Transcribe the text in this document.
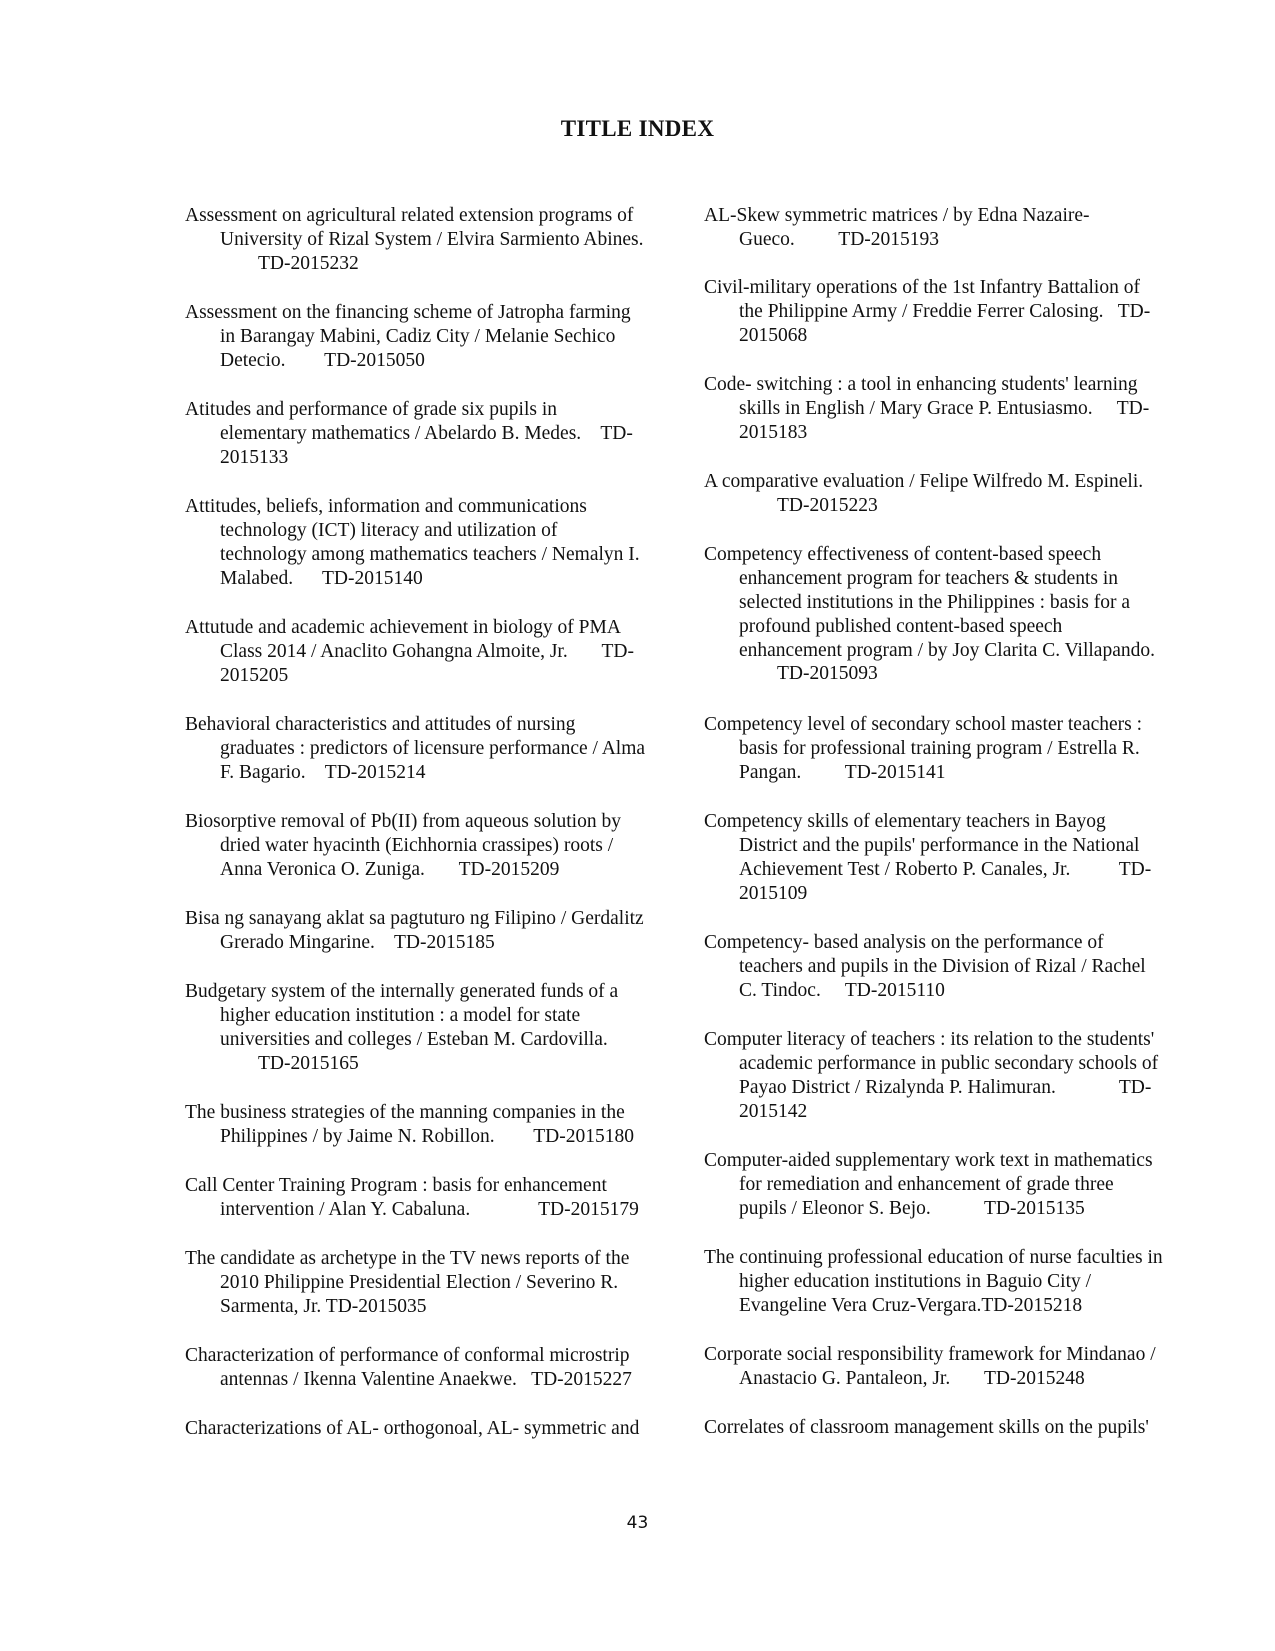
TITLE INDEX
Assessment on agricultural related extension programs of
University of Rizal System / Elvira Sarmiento Abines.
TD-2015232
Assessment on the financing scheme of Jatropha farming
in Barangay Mabini, Cadiz City / Melanie Sechico
Detecio.        TD-2015050
Atitudes and performance of grade six pupils in
elementary mathematics / Abelardo B. Medes.    TD-
2015133
Attitudes, beliefs, information and communications
technology (ICT) literacy and utilization of
technology among mathematics teachers / Nemalyn I.
Malabed.      TD-2015140
Attutude and academic achievement in biology of PMA
Class 2014 / Anaclito Gohangna Almoite, Jr.       TD-
2015205
Behavioral characteristics and attitudes of nursing
graduates : predictors of licensure performance / Alma
F. Bagario.    TD-2015214
Biosorptive removal of Pb(II) from aqueous solution by
dried water hyacinth (Eichhornia crassipes) roots /
Anna Veronica O. Zuniga.       TD-2015209
Bisa ng sanayang aklat sa pagtuturo ng Filipino / Gerdalitz
Grerado Mingarine.    TD-2015185
Budgetary system of the internally generated funds of a
higher education institution : a model for state
universities and colleges / Esteban M. Cardovilla.
TD-2015165
The business strategies of the manning companies in the
Philippines / by Jaime N. Robillon.        TD-2015180
Call Center Training Program : basis for enhancement
intervention / Alan Y. Cabaluna.              TD-2015179
The candidate as archetype in the TV news reports of the
2010 Philippine Presidential Election / Severino R.
Sarmenta, Jr. TD-2015035
Characterization of performance of conformal microstrip
antennas / Ikenna Valentine Anaekwe.   TD-2015227
Characterizations of AL- orthogonoal, AL- symmetric and
AL-Skew symmetric matrices / by Edna Nazaire-
Gueco.         TD-2015193
Civil-military operations of the 1st Infantry Battalion of
the Philippine Army / Freddie Ferrer Calosing.   TD-
2015068
Code- switching : a tool in enhancing students' learning
skills in English / Mary Grace P. Entusiasmo.     TD-
2015183
A comparative evaluation / Felipe Wilfredo M. Espineli.
TD-2015223
Competency effectiveness of content-based speech
enhancement program for teachers & students in
selected institutions in the Philippines : basis for a
profound published content-based speech
enhancement program / by Joy Clarita C. Villapando.
TD-2015093
Competency level of secondary school master teachers :
basis for professional training program / Estrella R.
Pangan.         TD-2015141
Competency skills of elementary teachers in Bayog
District and the pupils' performance in the National
Achievement Test / Roberto P. Canales, Jr.          TD-
2015109
Competency- based analysis on the performance of
teachers and pupils in the Division of Rizal / Rachel
C. Tindoc.     TD-2015110
Computer literacy of teachers : its relation to the students'
academic performance in public secondary schools of
Payao District / Rizalynda P. Halimuran.             TD-
2015142
Computer-aided supplementary work text in mathematics
for remediation and enhancement of grade three
pupils / Eleonor S. Bejo.           TD-2015135
The continuing professional education of nurse faculties in
higher education institutions in Baguio City /
Evangeline Vera Cruz-Vergara.TD-2015218
Corporate social responsibility framework for Mindanao /
Anastacio G. Pantaleon, Jr.       TD-2015248
Correlates of classroom management skills on the pupils'
43
